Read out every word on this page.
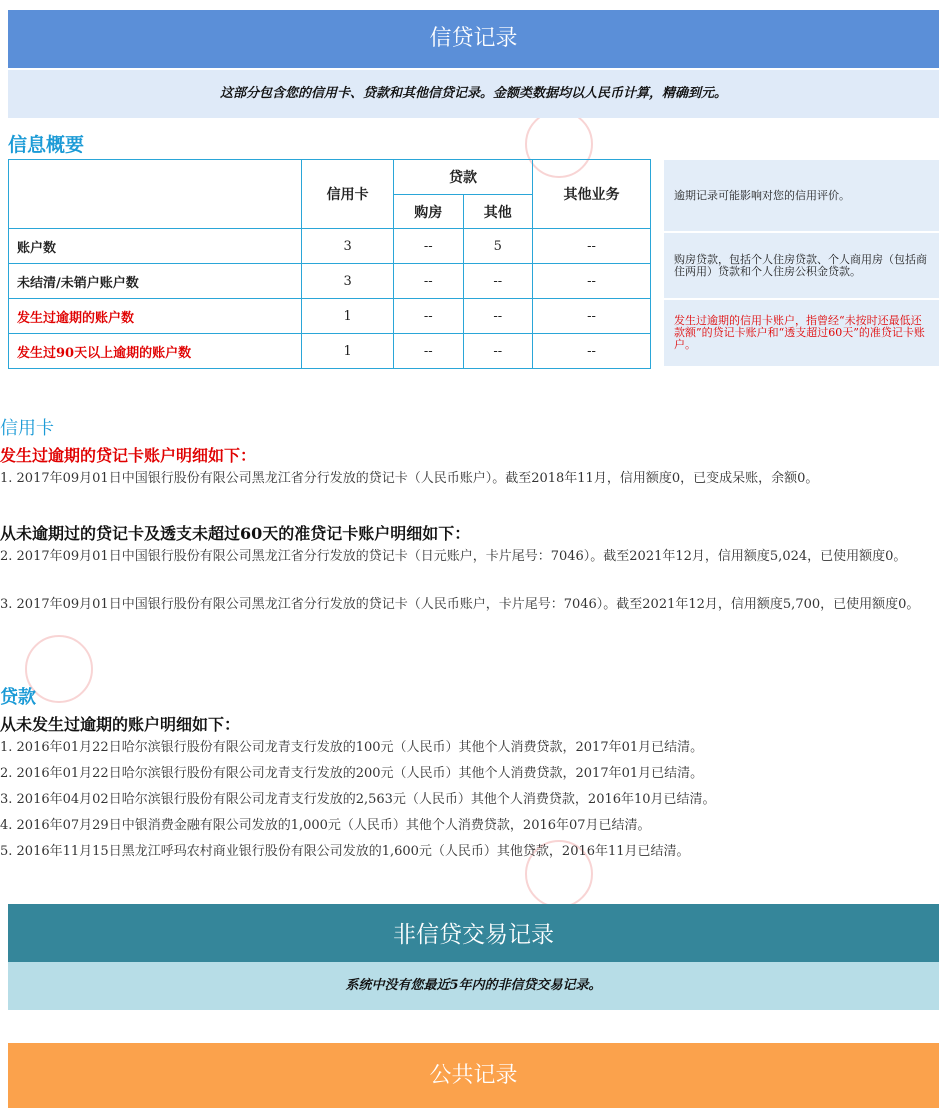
信贷记录
这部分包含您的信用卡、贷款和其他信贷记录。金额类数据均以人民币计算，精确到元。
信息概要
	信用卡	贷款		其他业务
		购房	其他	
账户数	3	--	5	--
未结清/未销户账户数	3	--	--	--
发生过逾期的账户数	1	--	--	--
发生过90天以上逾期的账户数	1	--	--	--
逾期记录可能影响对您的信用评价。
购房贷款，包括个人住房贷款、个人商用房（包括商住两用）贷款和个人住房公积金贷款。
发生过逾期的信用卡账户，指曾经“未按时还最低还款额”的贷记卡账户和“透支超过60天”的准贷记卡账户。
信用卡
发生过逾期的贷记卡账户明细如下：
1. 2017年09月01日中国银行股份有限公司黑龙江省分行发放的贷记卡（人民币账户）。截至2018年11月，信用额度0，已变成呆账，余额0。
从未逾期过的贷记卡及透支未超过60天的准贷记卡账户明细如下：
2. 2017年09月01日中国银行股份有限公司黑龙江省分行发放的贷记卡（日元账户，卡片尾号：7046）。截至2021年12月，信用额度5,024，已使用额度0。
3. 2017年09月01日中国银行股份有限公司黑龙江省分行发放的贷记卡（人民币账户，卡片尾号：7046）。截至2021年12月，信用额度5,700，已使用额度0。
贷款
从未发生过逾期的账户明细如下：
1. 2016年01月22日哈尔滨银行股份有限公司龙青支行发放的100元（人民币）其他个人消费贷款，2017年01月已结清。
2. 2016年01月22日哈尔滨银行股份有限公司龙青支行发放的200元（人民币）其他个人消费贷款，2017年01月已结清。
3. 2016年04月02日哈尔滨银行股份有限公司龙青支行发放的2,563元（人民币）其他个人消费贷款，2016年10月已结清。
4. 2016年07月29日中银消费金融有限公司发放的1,000元（人民币）其他个人消费贷款，2016年07月已结清。
5. 2016年11月15日黑龙江呼玛农村商业银行股份有限公司发放的1,600元（人民币）其他贷款，2016年11月已结清。
非信贷交易记录
系统中没有您最近5年内的非信贷交易记录。
公共记录
